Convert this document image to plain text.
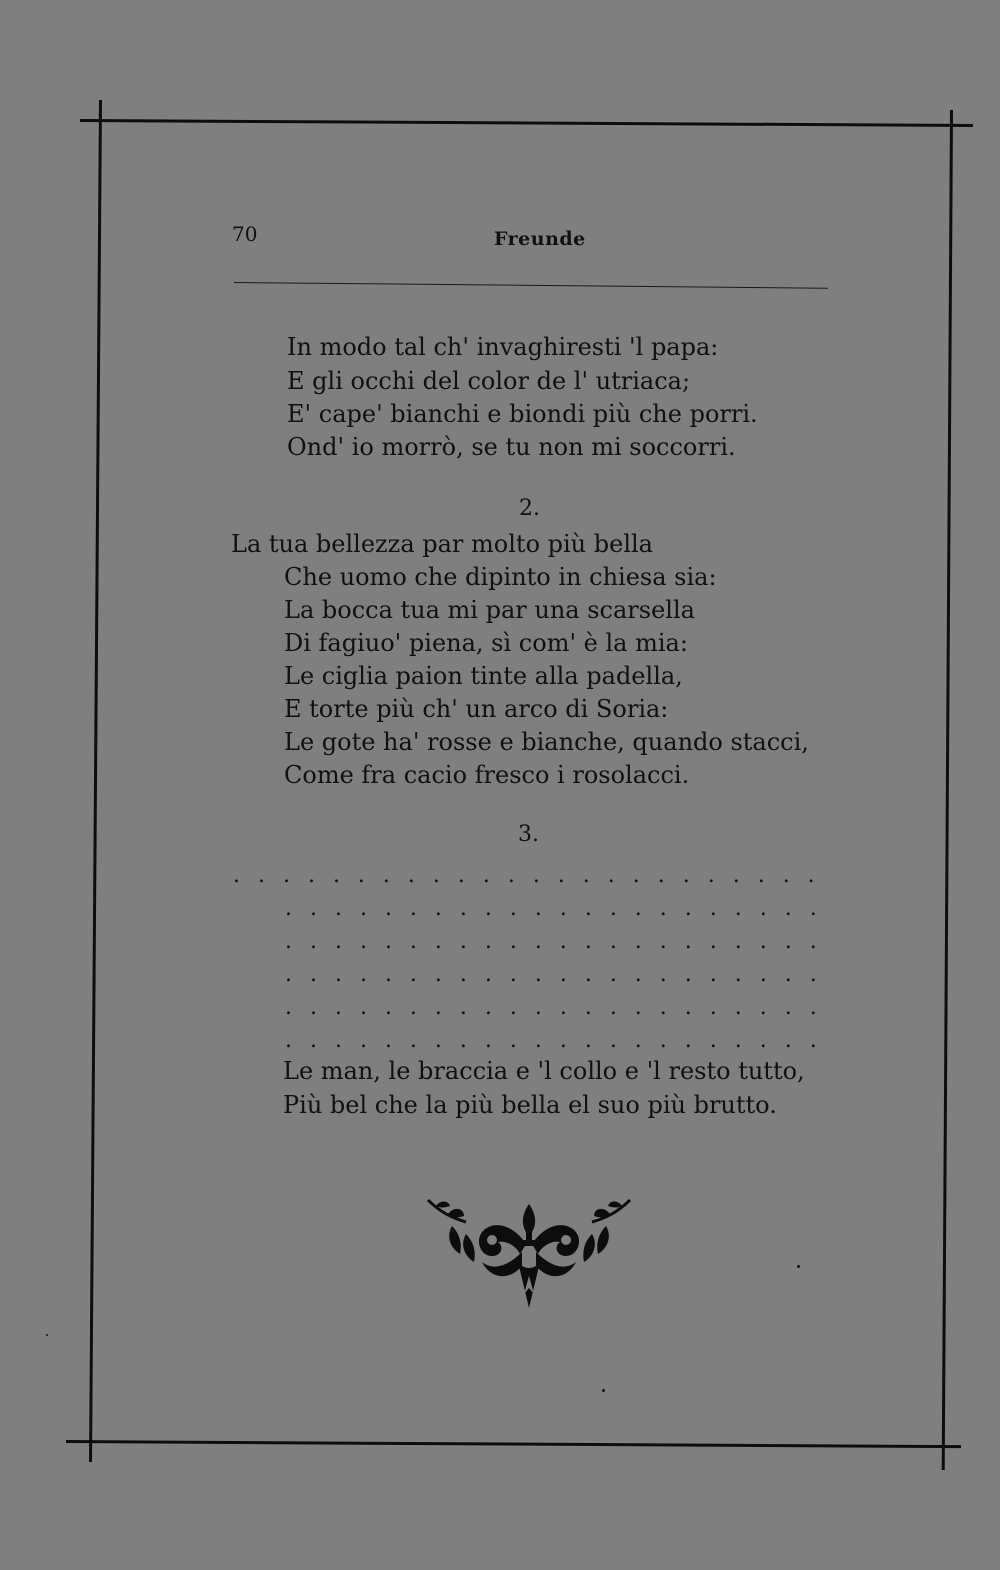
70	Freunde
In modo tal ch' invaghiresti 'l papa:
E gli occhi del color de l' utriaca;
E' cape' bianchi e biondi più che porri.
Ond' io morrò, se tu non mi soccorri.
2.
La tua bellezza par molto più bella
Che uomo che dipinto in chiesa sia:
La bocca tua mi par una scarsella
Di fagiuo' piena, sì com' è la mia:
Le ciglia paion tinte alla padella,
E torte più ch' un arco di Soria:
Le gote ha' rosse e bianche, quando stacci,
Come fra cacio fresco i rosolacci.
3.
. . . . . . . . . . . . . . . . . . . . . . . .
. . . . . . . . . . . . . . . . . . . . . .
. . . . . . . . . . . . . . . . . . . . . .
. . . . . . . . . . . . . . . . . . . . . .
. . . . . . . . . . . . . . . . . . . . . .
. . . . . . . . . . . . . . . . . . . . . .
Le man, le braccia e 'l collo e 'l resto tutto,
Più bel che la più bella el suo più brutto.
